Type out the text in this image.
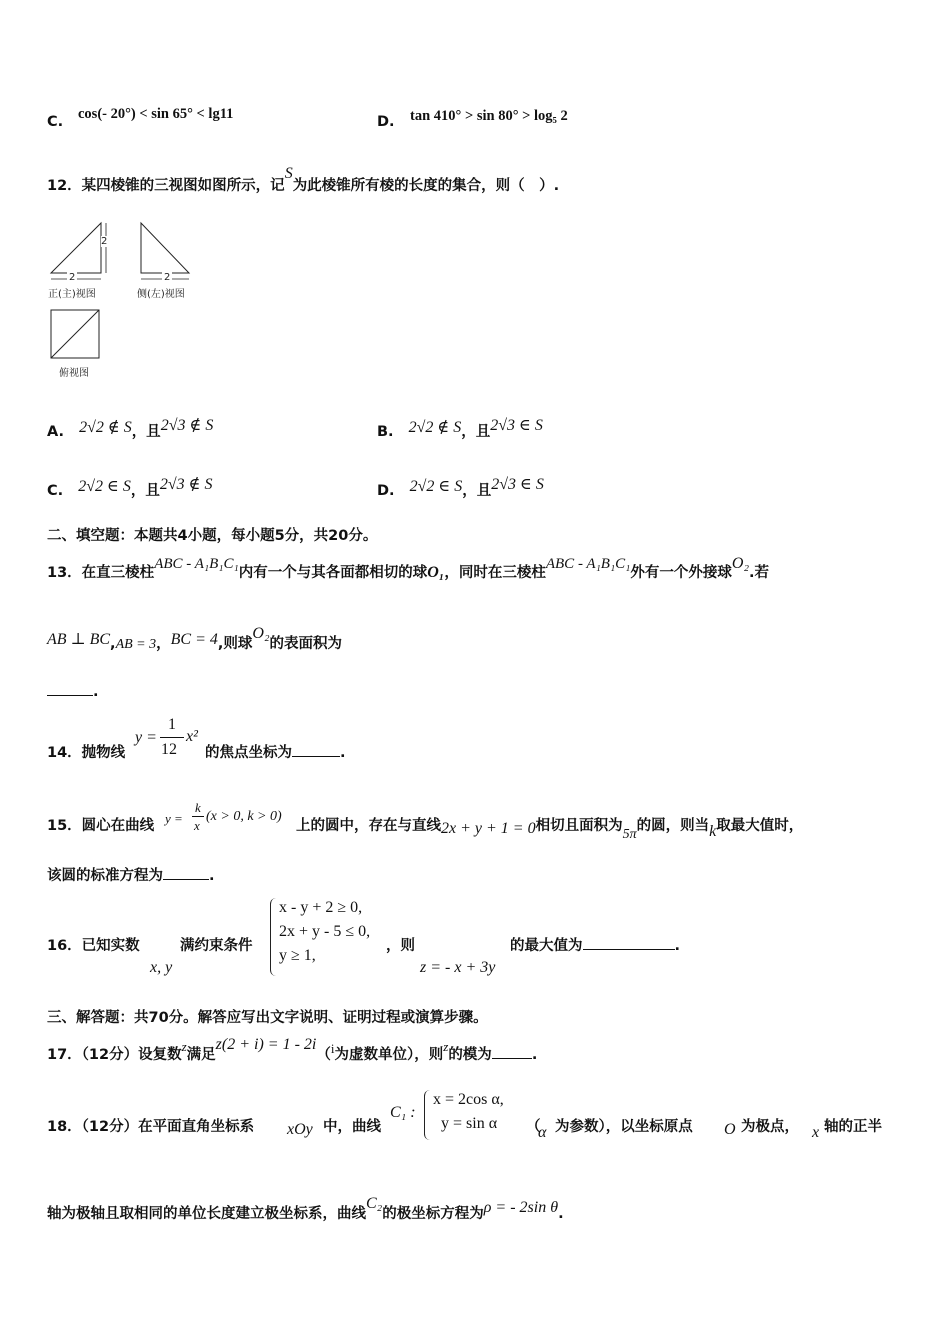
C. cos(- 20°) < sin 65° < lg11	D. tan 410° > sin 80° > log₅ 2
12．某四棱锥的三视图如图所示，记S为此棱锥所有棱的长度的集合，则（　）.
2
2
2
正(主)视图	侧(左)视图
俯视图
A. 2√2 ∉ S，且2√3 ∉ S	B. 2√2 ∉ S，且2√3 ∈ S
C. 2√2 ∈ S，且2√3 ∉ S	D. 2√2 ∈ S，且2√3 ∈ S
二、填空题：本题共4小题，每小题5分，共20分。
13．在直三棱柱ABC - A₁B₁C₁内有一个与其各面都相切的球O₁，同时在三棱柱ABC - A₁B₁C₁外有一个外接球O₂.若
AB ⊥ BC,AB = 3，BC = 4,则球O₂的表面积为
.
14．抛物线
y =
1
12
x²
的焦点坐标为	.
15．圆心在曲线 y =
k
x
(x > 0, k > 0)
上的圆中，存在与直线2x + y + 1 = 0相切且面积为5π的圆，则当k取最大值时，
该圆的标准方程为	.
16．已知实数
x, y
满约束条件
x - y + 2 ≥ 0,
2x + y - 5 ≤ 0,
y ≥ 1,
，则
z = - x + 3y
的最大值为	.
三、解答题：共70分。解答应写出文字说明、证明过程或演算步骤。
17．（12分）设复数z满足z(2 + i) = 1 - 2i（i为虚数单位），则z的模为	.
18．（12分）在平面直角坐标系 xOy 中，曲线
C₁ :
x = 2cos α,
y = sin α	（
α 为参数），以坐标原点 O 为极点， x 轴的正半
轴为极轴且取相同的单位长度建立极坐标系，曲线C₂的极坐标方程为ρ = - 2sin θ.
